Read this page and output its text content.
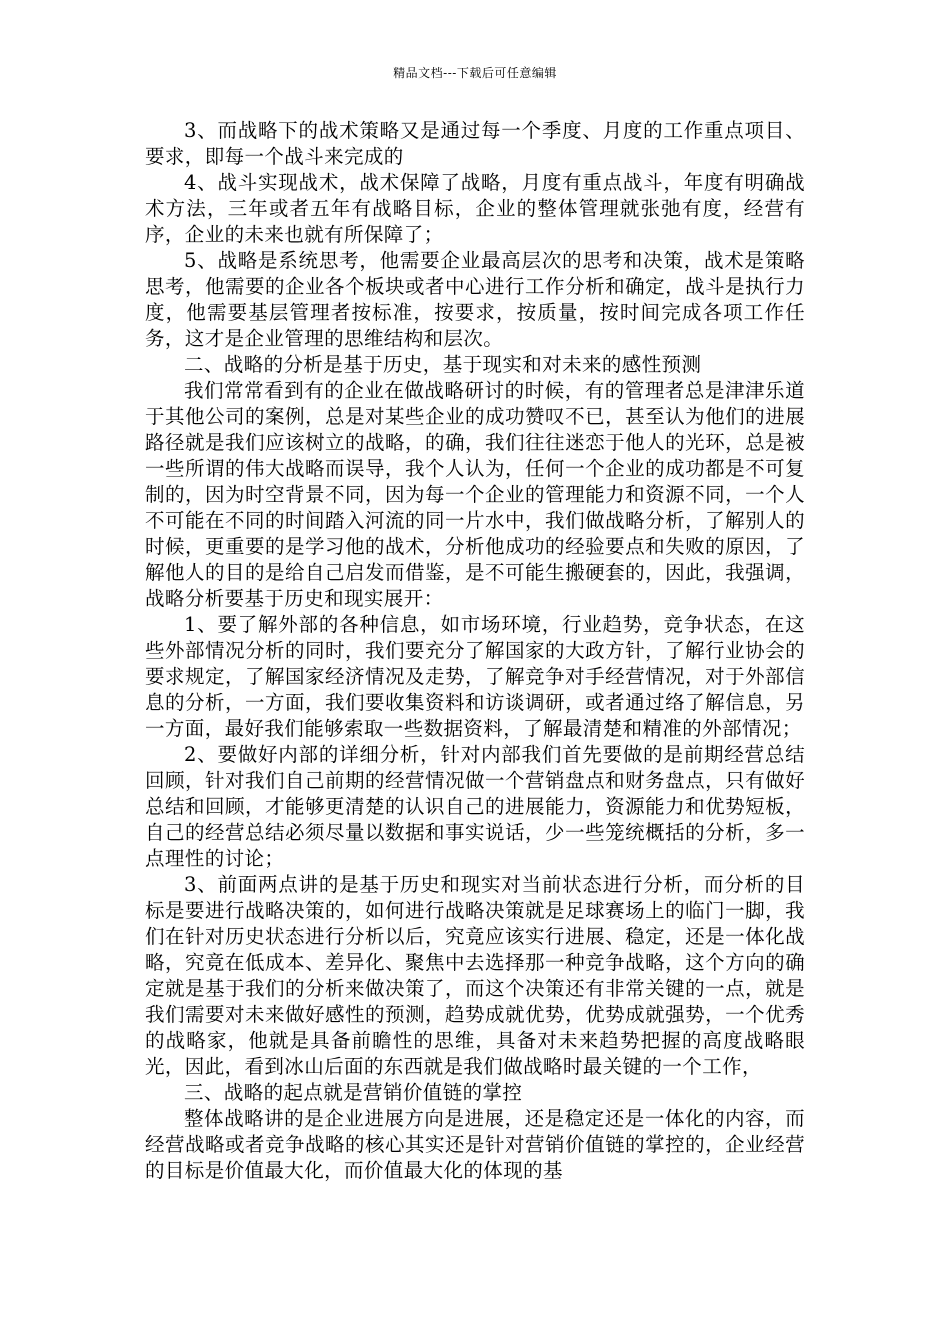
精品文档---下载后可任意编辑

3、而战略下的战术策略又是通过每一个季度、月度的工作重点项目、要求，即每一个战斗来完成的

4、战斗实现战术，战术保障了战略，月度有重点战斗，年度有明确战术方法，三年或者五年有战略目标，企业的整体管理就张弛有度，经营有序，企业的未来也就有所保障了；

5、战略是系统思考，他需要企业最高层次的思考和决策，战术是策略思考，他需要的企业各个板块或者中心进行工作分析和确定，战斗是执行力度，他需要基层管理者按标准，按要求，按质量，按时间完成各项工作任务，这才是企业管理的思维结构和层次。

二、战略的分析是基于历史，基于现实和对未来的感性预测

我们常常看到有的企业在做战略研讨的时候，有的管理者总是津津乐道于其他公司的案例，总是对某些企业的成功赞叹不已，甚至认为他们的进展路径就是我们应该树立的战略，的确，我们往往迷恋于他人的光环，总是被一些所谓的伟大战略而误导，我个人认为，任何一个企业的成功都是不可复制的，因为时空背景不同，因为每一个企业的管理能力和资源不同，一个人不可能在不同的时间踏入河流的同一片水中，我们做战略分析，了解别人的时候，更重要的是学习他的战术，分析他成功的经验要点和失败的原因，了解他人的目的是给自己启发而借鉴，是不可能生搬硬套的，因此，我强调，战略分析要基于历史和现实展开：

1、要了解外部的各种信息，如市场环境，行业趋势，竞争状态，在这些外部情况分析的同时，我们要充分了解国家的大政方针，了解行业协会的要求规定，了解国家经济情况及走势，了解竞争对手经营情况，对于外部信息的分析，一方面，我们要收集资料和访谈调研，或者通过络了解信息，另一方面，最好我们能够索取一些数据资料，了解最清楚和精准的外部情况；

2、要做好内部的详细分析，针对内部我们首先要做的是前期经营总结回顾，针对我们自己前期的经营情况做一个营销盘点和财务盘点，只有做好总结和回顾，才能够更清楚的认识自己的进展能力，资源能力和优势短板，自己的经营总结必须尽量以数据和事实说话，少一些笼统概括的分析，多一点理性的讨论；

3、前面两点讲的是基于历史和现实对当前状态进行分析，而分析的目标是要进行战略决策的，如何进行战略决策就是足球赛场上的临门一脚，我们在针对历史状态进行分析以后，究竟应该实行进展、稳定，还是一体化战略，究竟在低成本、差异化、聚焦中去选择那一种竞争战略，这个方向的确定就是基于我们的分析来做决策了，而这个决策还有非常关键的一点，就是我们需要对未来做好感性的预测，趋势成就优势，优势成就强势，一个优秀的战略家，他就是具备前瞻性的思维，具备对未来趋势把握的高度战略眼光，因此，看到冰山后面的东西就是我们做战略时最关键的一个工作，

三、战略的起点就是营销价值链的掌控

整体战略讲的是企业进展方向是进展，还是稳定还是一体化的内容，而经营战略或者竞争战略的核心其实还是针对营销价值链的掌控的，企业经营的目标是价值最大化，而价值最大化的体现的基
